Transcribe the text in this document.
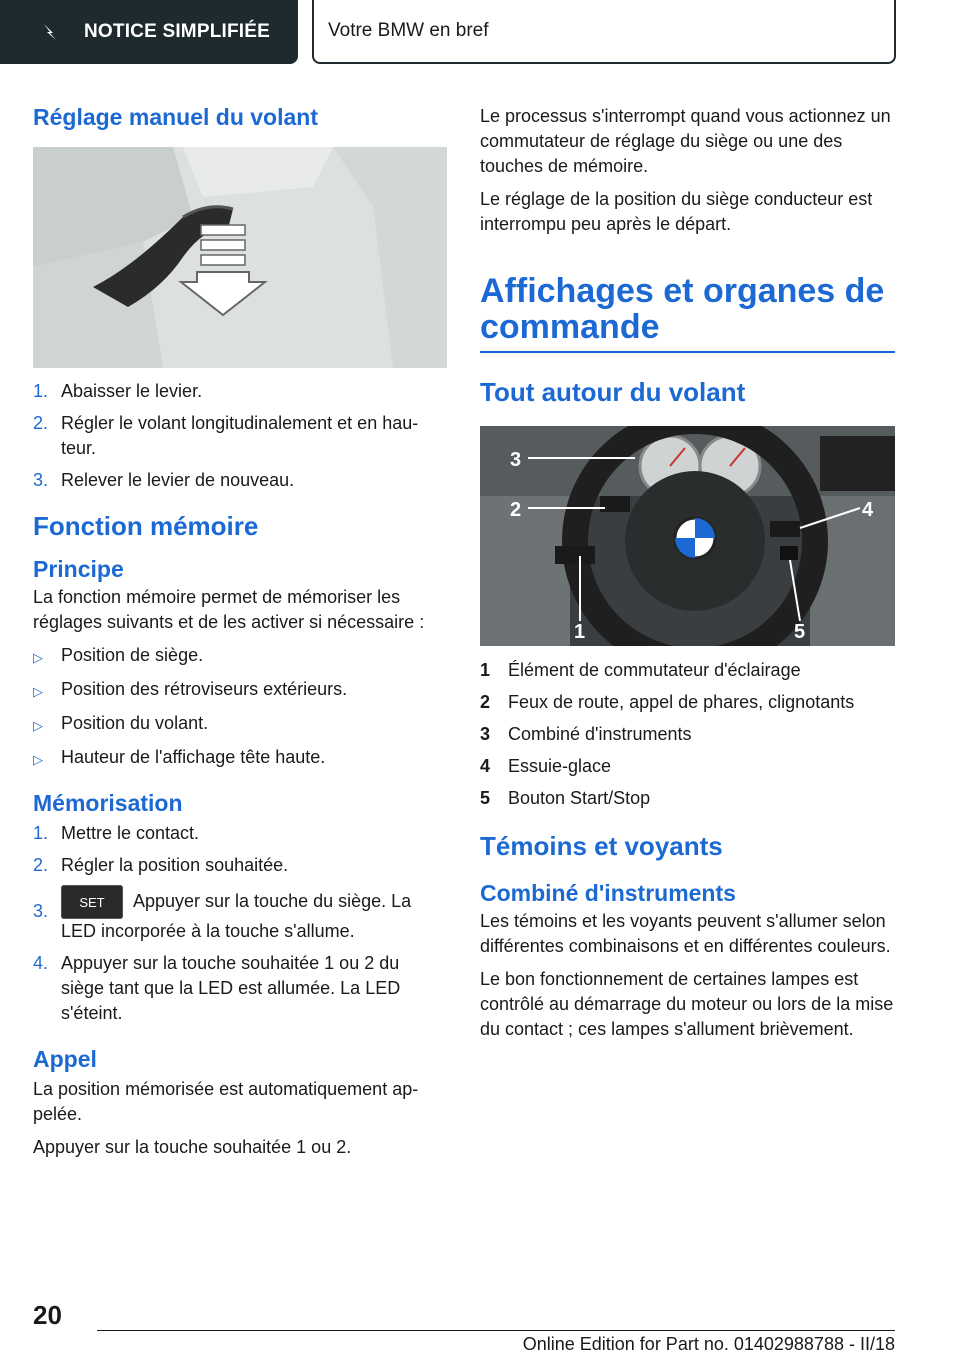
NOTICE SIMPLIFIÉE	Votre BMW en bref
Réglage manuel du volant
1. Abaisser le levier.
2. Régler le volant longitudinalement et en hauteur.
3. Relever le levier de nouveau.
Fonction mémoire
Principe

La fonction mémoire permet de mémoriser les réglages suivants et de les activer si nécessaire :

▷	Position de siège.
▷	Position des rétroviseurs extérieurs.
▷	Position du volant.
▷	Hauteur de l'affichage tête haute.
Mémorisation
1. Mettre le contact.
2. Régler la position souhaitée.
3.	SET Appuyer sur la touche du siège. La LED incorporée à la touche s'allume.
4. Appuyer sur la touche souhaitée 1 ou 2 du siège tant que la LED est allumée. La LED s'éteint.
Appel

La position mémorisée est automatiquement appelée.

Appuyer sur la touche souhaitée 1 ou 2.

Le processus s'interrompt quand vous actionnez un commutateur de réglage du siège ou une des touches de mémoire.

Le réglage de la position du siège conducteur est interrompu peu après le départ.

Affichages et organes de commande
Tout autour du volant
3
2	4
1	5
1 Élément de commutateur d'éclairage
2 Feux de route, appel de phares, clignotants
3 Combiné d'instruments
4 Essuie-glace
5 Bouton Start/Stop
Témoins et voyants
Combiné d'instruments

Les témoins et les voyants peuvent s'allumer selon différentes combinaisons et en différentes couleurs.

Le bon fonctionnement de certaines lampes est contrôlé au démarrage du moteur ou lors de la mise du contact ; ces lampes s'allument brièvement.

20
Online Edition for Part no. 01402988788 - II/18
